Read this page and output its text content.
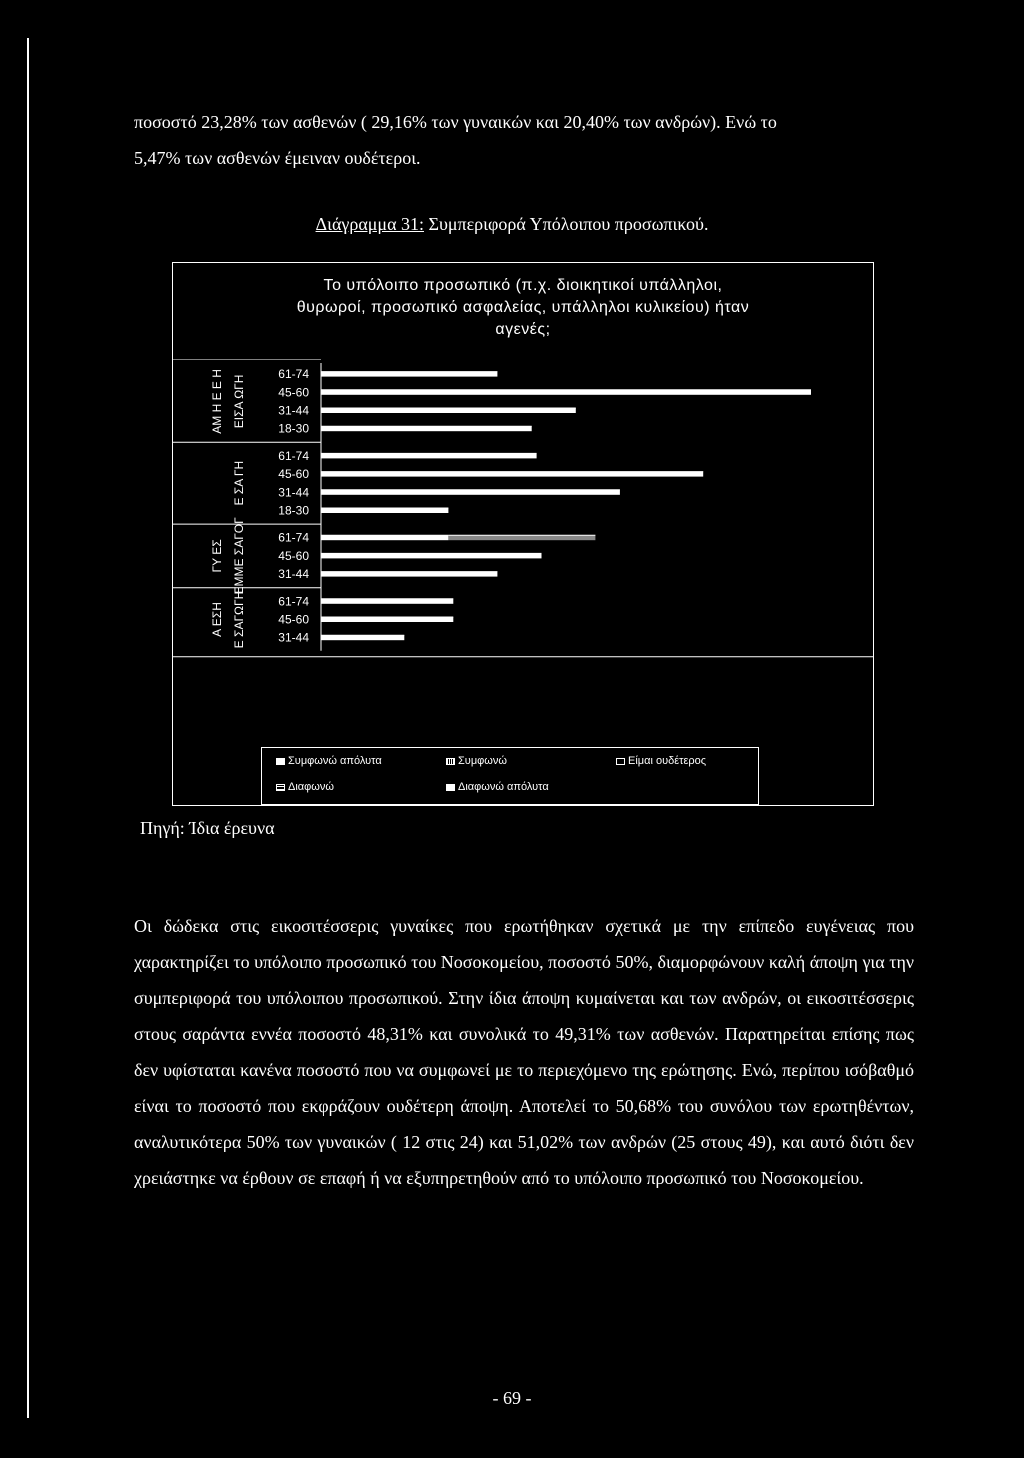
ποσοστό 23,28% των ασθενών ( 29,16% των γυναικών και 20,40% των ανδρών). Ενώ το

5,47% των ασθενών έμειναν ουδέτεροι.

Διάγραμμα 31: Συμπεριφορά Υπόλοιπου προσωπικού.
Το υπόλοιπο προσωπικό (π.χ. διοικητικοί υπάλληλοι,
θυρωροί, προσωπικό ασφαλείας, υπάλληλοι κυλικείου) ήταν
αγενές;
61-74
45-60
31-44
18-30
61-74
45-60
31-44
18-30
61-74
45-60
31-44
61-74
45-60
31-44
ΑΜ Η Ε Ε Η ΕΙΣΑ ΩΓΗ
Ε ΣΑ ΓΗ
ΓΥ ΕΣ ΕΜΜΕ ΣΑΓΟΓ
Α ΕΣΗ Ε ΣΑΓΩΓΗ
Συμφωνώ απόλυτα	Συμφωνώ	Είμαι ουδέτερος
Διαφωνώ	Διαφωνώ απόλυτα
Πηγή: Ίδια έρευνα

Οι δώδεκα στις εικοσιτέσσερις γυναίκες που ερωτήθηκαν σχετικά με την επίπεδο ευγένειας που χαρακτηρίζει το υπόλοιπο προσωπικό του Νοσοκομείου, ποσοστό 50%, διαμορφώνουν καλή άποψη για την συμπεριφορά του υπόλοιπου προσωπικού. Στην ίδια άποψη κυμαίνεται και των ανδρών, οι εικοσιτέσσερις στους σαράντα εννέα ποσοστό 48,31% και συνολικά το 49,31% των ασθενών. Παρατηρείται επίσης πως δεν υφίσταται κανένα ποσοστό που να συμφωνεί με το περιεχόμενο της ερώτησης. Ενώ, περίπου ισόβαθμό είναι το ποσοστό που εκφράζουν ουδέτερη άποψη. Αποτελεί το 50,68% του συνόλου των ερωτηθέντων, αναλυτικότερα 50% των γυναικών ( 12 στις 24) και 51,02% των ανδρών (25 στους 49), και αυτό διότι δεν χρειάστηκε να έρθουν σε επαφή ή να εξυπηρετηθούν από το υπόλοιπο προσωπικό του Νοσοκομείου.

- 69 -
